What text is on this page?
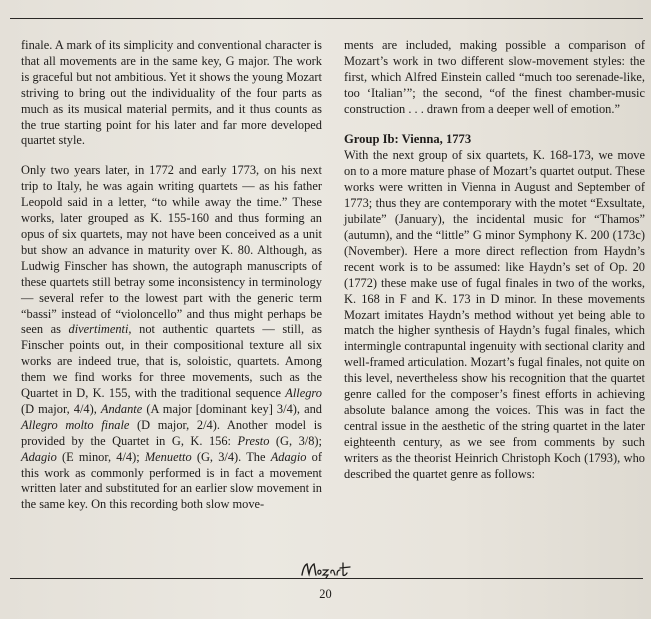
finale. A mark of its simplicity and conventional character is that all movements are in the same key, G major. The work is graceful but not ambitious. Yet it shows the young Mozart striving to bring out the individuality of the four parts as much as its musical material permits, and it thus counts as the true starting point for his later and far more developed quartet style.

Only two years later, in 1772 and early 1773, on his next trip to Italy, he was again writing quartets — as his father Leopold said in a letter, “to while away the time.” These works, later grouped as K. 155-160 and thus forming an opus of six quartets, may not have been conceived as a unit but show an advance in maturity over K. 80. Although, as Ludwig Finscher has shown, the autograph manuscripts of these quartets still betray some inconsistency in terminology — several refer to the lowest part with the generic term “bassi” instead of “violoncello” and thus might perhaps be seen as divertimenti, not authentic quartets — still, as Finscher points out, in their compositional texture all six works are indeed true, that is, soloistic, quartets. Among them we find works for three movements, such as the Quartet in D, K. 155, with the traditional sequence Allegro (D major, 4/4), Andante (A major [dominant key] 3/4), and Allegro molto finale (D major, 2/4). Another model is provided by the Quartet in G, K. 156: Presto (G, 3/8); Adagio (E minor, 4/4); Menuetto (G, 3/4). The Adagio of this work as commonly performed is in fact a movement written later and substituted for an earlier slow movement in the same key. On this recording both slow move-

ments are included, making possible a comparison of Mozart’s work in two different slow-movement styles: the first, which Alfred Einstein called “much too serenade-like, too ‘Italian’”; the second, “of the finest chamber-music construction . . . drawn from a deeper well of emotion.”

Group Ib: Vienna, 1773

With the next group of six quartets, K. 168-173, we move on to a more mature phase of Mozart’s quartet output. These works were written in Vienna in August and September of 1773; thus they are contemporary with the motet “Exsultate, jubilate” (January), the incidental music for “Thamos” (autumn), and the “little” G minor Symphony K. 200 (173c) (November). Here a more direct reflection from Haydn’s recent work is to be assumed: like Haydn’s set of Op. 20 (1772) these make use of fugal finales in two of the works, K. 168 in F and K. 173 in D minor. In these movements Mozart imitates Haydn’s method without yet being able to match the higher synthesis of Haydn’s fugal finales, which intermingle contrapuntal ingenuity with sectional clarity and well-framed articulation. Mozart’s fugal finales, not quite on this level, nevertheless show his recognition that the quartet genre called for the composer’s finest efforts in achieving absolute balance among the voices. This was in fact the central issue in the aesthetic of the string quartet in the later eighteenth century, as we see from comments by such writers as the theorist Heinrich Christoph Koch (1793), who described the quartet genre as follows:

20
